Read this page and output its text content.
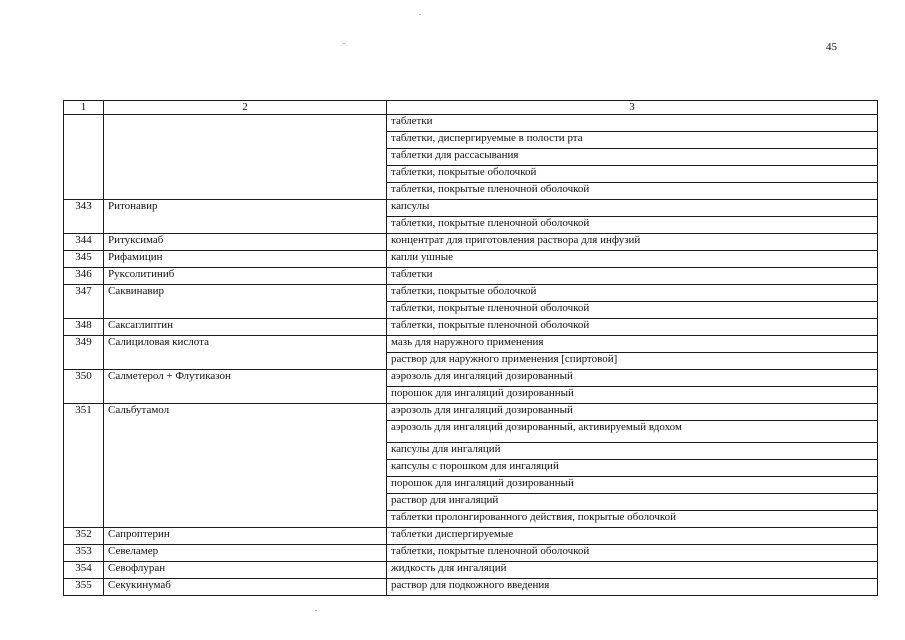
45
1	2	3
		таблетки
		таблетки, диспергируемые в полости рта
		таблетки для рассасывания
		таблетки, покрытые оболочкой
		таблетки, покрытые пленочной оболочкой
343	Ритонавир	капсулы
		таблетки, покрытые пленочной оболочкой
344	Ритуксимаб	концентрат для приготовления раствора для инфузий
345	Рифамицин	капли ушные
346	Руксолитиниб	таблетки
347	Саквинавир	таблетки, покрытые оболочкой
		таблетки, покрытые пленочной оболочкой
348	Саксаглиптин	таблетки, покрытые пленочной оболочкой
349	Салициловая кислота	мазь для наружного применения
		раствор для наружного применения [спиртовой]
350	Салметерол + Флутиказон	аэрозоль для ингаляций дозированный
		порошок для ингаляций дозированный
351	Сальбутамол	аэрозоль для ингаляций дозированный
		аэрозоль для ингаляций дозированный, активируемый вдохом
		капсулы для ингаляций
		капсулы с порошком для ингаляций
		порошок для ингаляций дозированный
		раствор для ингаляций
		таблетки пролонгированного действия, покрытые оболочкой
352	Сапроптерин	таблетки диспергируемые
353	Севеламер	таблетки, покрытые пленочной оболочкой
354	Севофлуран	жидкость для ингаляций
355	Секукинумаб	раствор для подкожного введения
